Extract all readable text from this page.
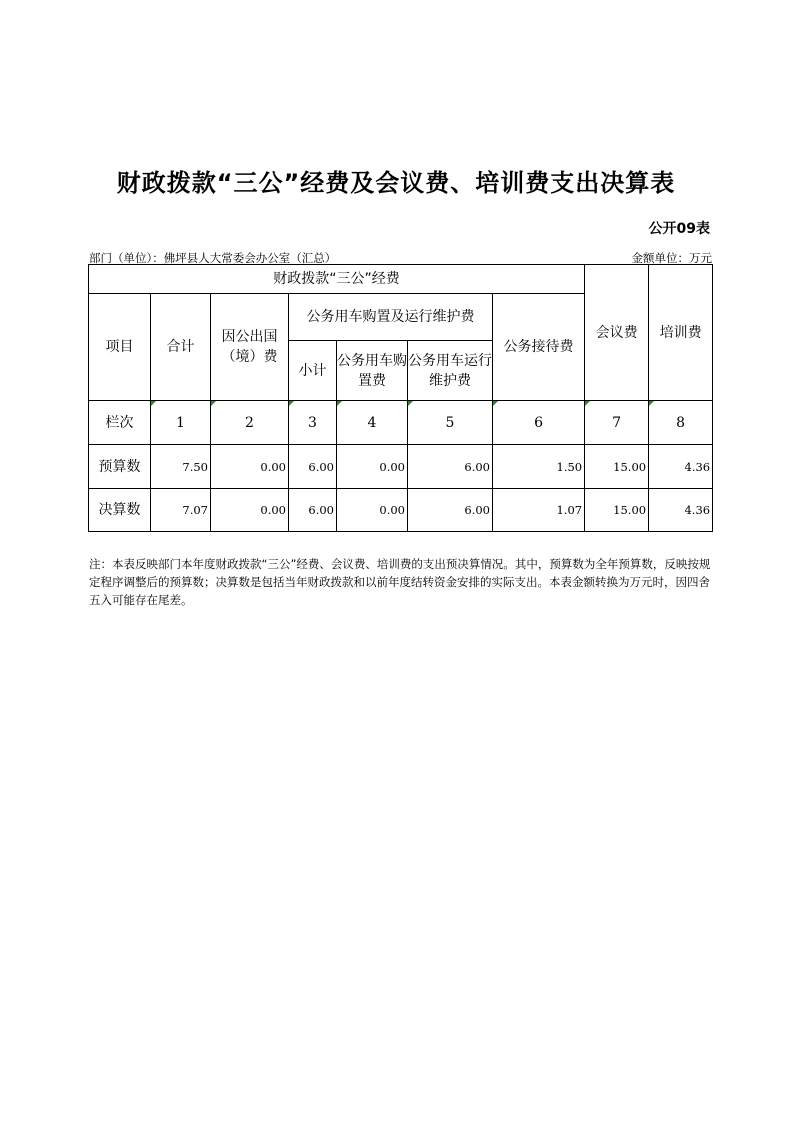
财政拨款“三公”经费及会议费、培训费支出决算表
公开09表
部门（单位）：佛坪县人大常委会办公室（汇总）	金额单位：万元
财政拨款“三公”经费							会议费	培训费
项目	合计	因公出国（境）费	公务用车购置及运行维护费			公务接待费		
			小计	公务用车购置费	公务用车运行维护费			
栏次	1	2	3	4	5	6	7	8
预算数	7.50	0.00	6.00	0.00	6.00	1.50	15.00	4.36
决算数	7.07	0.00	6.00	0.00	6.00	1.07	15.00	4.36
注：本表反映部门本年度财政拨款“三公”经费、会议费、培训费的支出预决算情况。其中，预算数为全年预算数，反映按规定程序调整后的预算数；决算数是包括当年财政拨款和以前年度结转资金安排的实际支出。本表金额转换为万元时，因四舍五入可能存在尾差。
